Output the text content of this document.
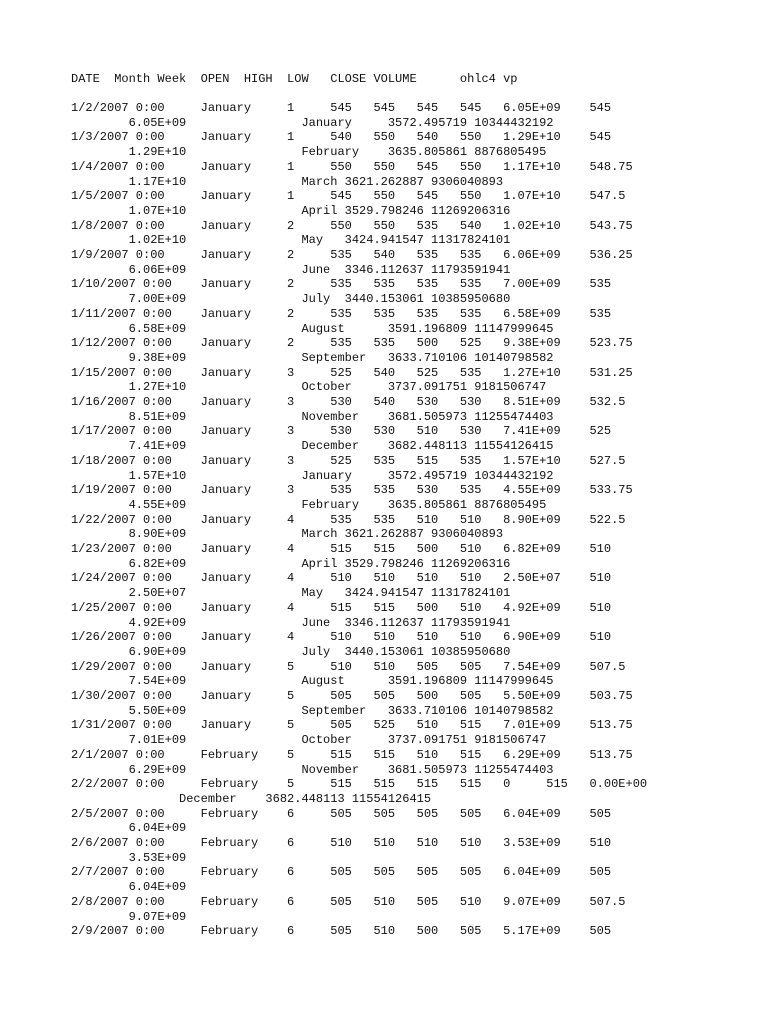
DATE  Month Week  OPEN  HIGH  LOW   CLOSE VOLUME      ohlc4 vp
1/2/2007 0:00     January     1     545   545   545   545   6.05E+09    545
6.05E+09                January     3572.495719 10344432192
1/3/2007 0:00     January     1     540   550   540   550   1.29E+10    545
1.29E+10                February    3635.805861 8876805495
1/4/2007 0:00     January     1     550   550   545   550   1.17E+10    548.75
1.17E+10                March 3621.262887 9306040893
1/5/2007 0:00     January     1     545   550   545   550   1.07E+10    547.5
1.07E+10                April 3529.798246 11269206316
1/8/2007 0:00     January     2     550   550   535   540   1.02E+10    543.75
1.02E+10                May   3424.941547 11317824101
1/9/2007 0:00     January     2     535   540   535   535   6.06E+09    536.25
6.06E+09                June  3346.112637 11793591941
1/10/2007 0:00    January     2     535   535   535   535   7.00E+09    535
7.00E+09                July  3440.153061 10385950680
1/11/2007 0:00    January     2     535   535   535   535   6.58E+09    535
6.58E+09                August      3591.196809 11147999645
1/12/2007 0:00    January     2     535   535   500   525   9.38E+09    523.75
9.38E+09                September   3633.710106 10140798582
1/15/2007 0:00    January     3     525   540   525   535   1.27E+10    531.25
1.27E+10                October     3737.091751 9181506747
1/16/2007 0:00    January     3     530   540   530   530   8.51E+09    532.5
8.51E+09                November    3681.505973 11255474403
1/17/2007 0:00    January     3     530   530   510   530   7.41E+09    525
7.41E+09                December    3682.448113 11554126415
1/18/2007 0:00    January     3     525   535   515   535   1.57E+10    527.5
1.57E+10                January     3572.495719 10344432192
1/19/2007 0:00    January     3     535   535   530   535   4.55E+09    533.75
4.55E+09                February    3635.805861 8876805495
1/22/2007 0:00    January     4     535   535   510   510   8.90E+09    522.5
8.90E+09                March 3621.262887 9306040893
1/23/2007 0:00    January     4     515   515   500   510   6.82E+09    510
6.82E+09                April 3529.798246 11269206316
1/24/2007 0:00    January     4     510   510   510   510   2.50E+07    510
2.50E+07                May   3424.941547 11317824101
1/25/2007 0:00    January     4     515   515   500   510   4.92E+09    510
4.92E+09                June  3346.112637 11793591941
1/26/2007 0:00    January     4     510   510   510   510   6.90E+09    510
6.90E+09                July  3440.153061 10385950680
1/29/2007 0:00    January     5     510   510   505   505   7.54E+09    507.5
7.54E+09                August      3591.196809 11147999645
1/30/2007 0:00    January     5     505   505   500   505   5.50E+09    503.75
5.50E+09                September   3633.710106 10140798582
1/31/2007 0:00    January     5     505   525   510   515   7.01E+09    513.75
7.01E+09                October     3737.091751 9181506747
2/1/2007 0:00     February    5     515   515   510   515   6.29E+09    513.75
6.29E+09                November    3681.505973 11255474403
2/2/2007 0:00     February    5     515   515   515   515   0     515   0.00E+00
December    3682.448113 11554126415
2/5/2007 0:00     February    6     505   505   505   505   6.04E+09    505
6.04E+09
2/6/2007 0:00     February    6     510   510   510   510   3.53E+09    510
3.53E+09
2/7/2007 0:00     February    6     505   505   505   505   6.04E+09    505
6.04E+09
2/8/2007 0:00     February    6     505   510   505   510   9.07E+09    507.5
9.07E+09
2/9/2007 0:00     February    6     505   510   500   505   5.17E+09    505
